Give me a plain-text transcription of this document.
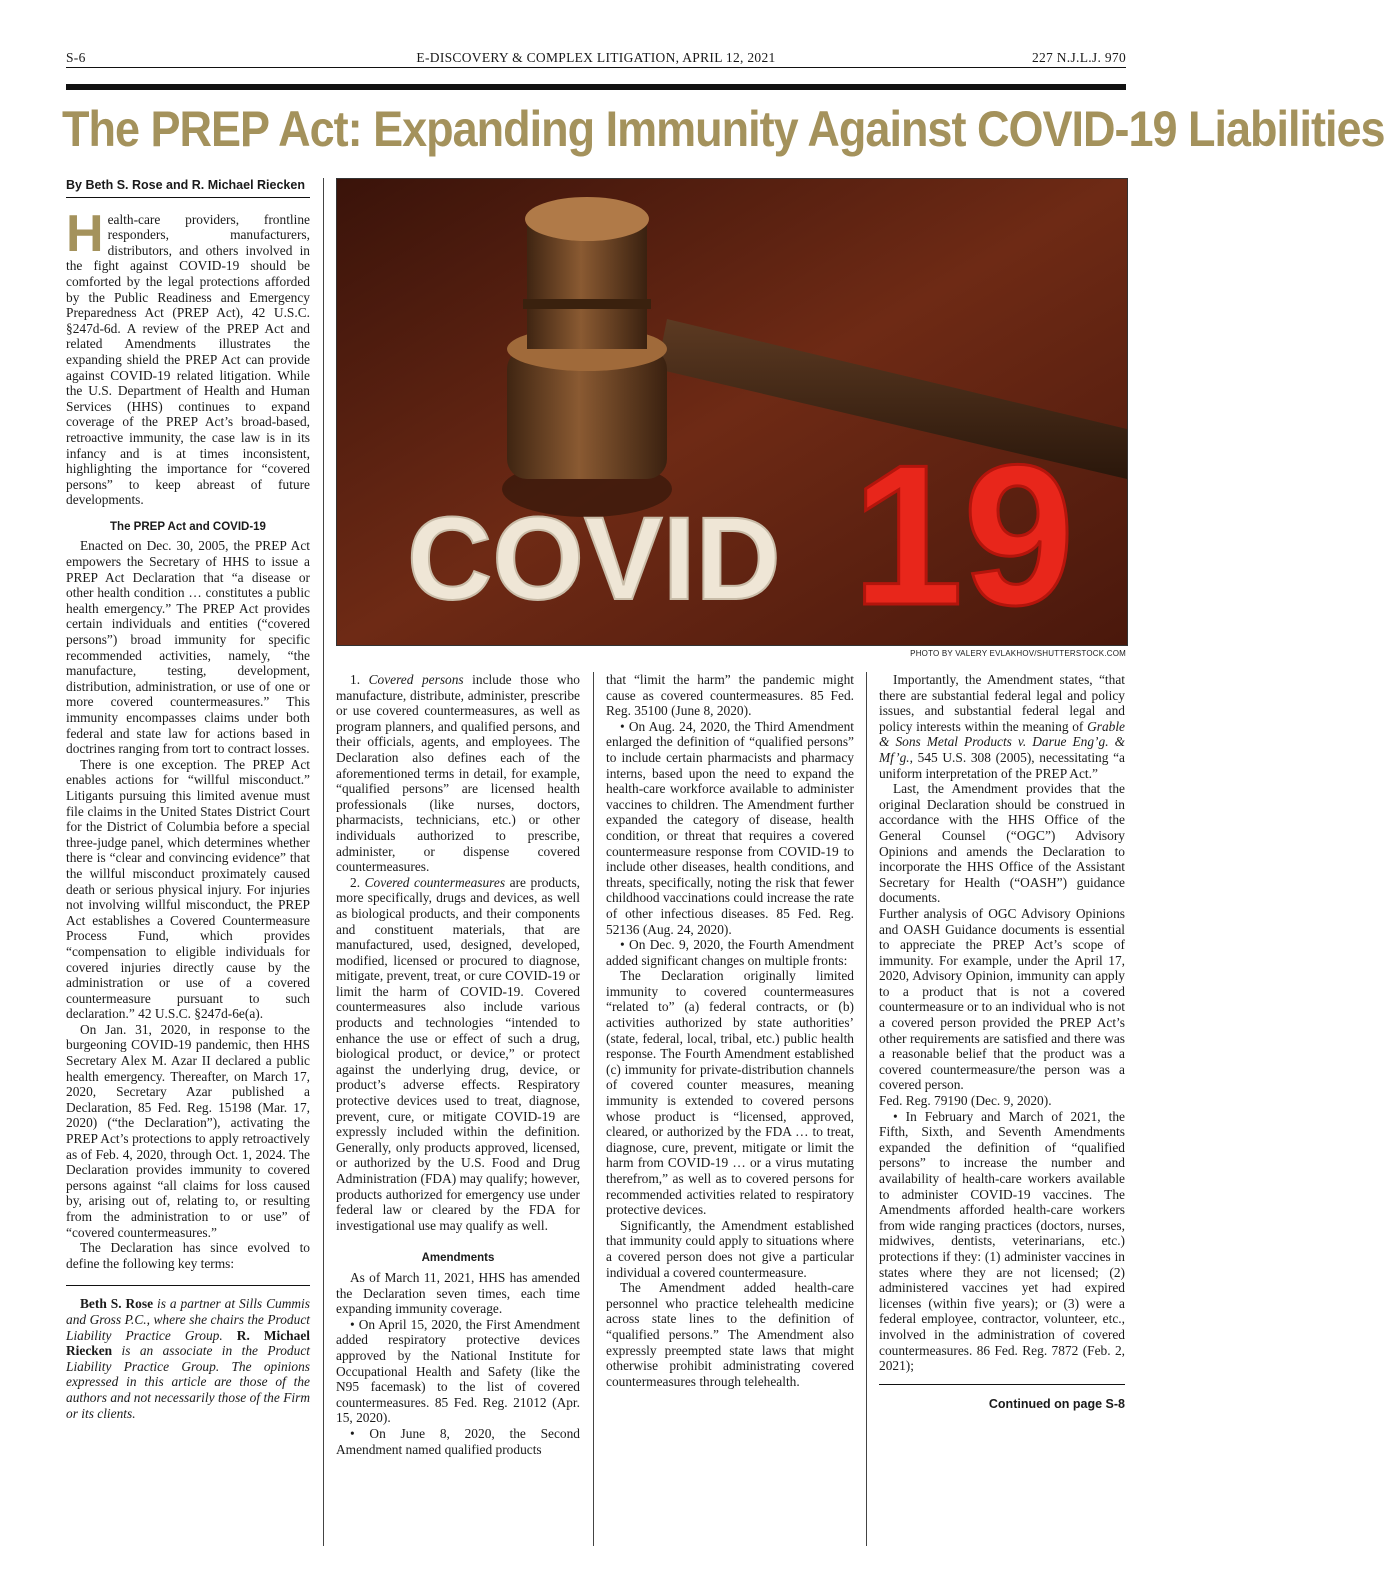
S-6	E-DISCOVERY & COMPLEX LITIGATION, APRIL 12, 2021	227 N.J.L.J. 970
The PREP Act: Expanding Immunity Against COVID-19 Liabilities
By Beth S. Rose and R. Michael Riecken

Health-care providers, frontline responders, manufacturers, distributors, and others involved in the fight against COVID-19 should be comforted by the legal protections afforded by the Public Readiness and Emergency Preparedness Act (PREP Act), 42 U.S.C. §247d-6d. A review of the PREP Act and related Amendments illustrates the expanding shield the PREP Act can provide against COVID-19 related litigation. While the U.S. Department of Health and Human Services (HHS) continues to expand coverage of the PREP Act’s broad-based, retroactive immunity, the case law is in its infancy and is at times inconsistent, highlighting the importance for “covered persons” to keep abreast of future developments.

The PREP Act and COVID-19

Enacted on Dec. 30, 2005, the PREP Act empowers the Secretary of HHS to issue a PREP Act Declaration that “a disease or other health condition … constitutes a public health emergency.” The PREP Act provides certain individuals and entities (“covered persons”) broad immunity for specific recommended activities, namely, “the manufacture, testing, development, distribution, administration, or use of one or more covered countermeasures.” This immunity encompasses claims under both federal and state law for actions based in doctrines ranging from tort to contract losses.

There is one exception. The PREP Act enables actions for “willful misconduct.” Litigants pursuing this limited avenue must file claims in the United States District Court for the District of Columbia before a special three-judge panel, which determines whether there is “clear and convincing evidence” that the willful misconduct proximately caused death or serious physical injury. For injuries not involving willful misconduct, the PREP Act establishes a Covered Countermeasure Process Fund, which provides “compensation to eligible individuals for covered injuries directly cause by the administration or use of a covered countermeasure pursuant to such declaration.” 42 U.S.C. §247d-6e(a).

On Jan. 31, 2020, in response to the burgeoning COVID-19 pandemic, then HHS Secretary Alex M. Azar II declared a public health emergency. Thereafter, on March 17, 2020, Secretary Azar published a Declaration, 85 Fed. Reg. 15198 (Mar. 17, 2020) (“the Declaration”), activating the PREP Act’s protections to apply retroactively as of Feb. 4, 2020, through Oct. 1, 2024. The Declaration provides immunity to covered persons against “all claims for loss caused by, arising out of, relating to, or resulting from the administration to or use” of “covered countermeasures.”

The Declaration has since evolved to define the following key terms:

Beth S. Rose is a partner at Sills Cummis and Gross P.C., where she chairs the Product Liability Practice Group. R. Michael Riecken is an associate in the Product Liability Practice Group. The opinions expressed in this article are those of the authors and not necessarily those of the Firm or its clients.

COVID 19
PHOTO BY VALERY EVLAKHOV/SHUTTERSTOCK.COM

1. Covered persons include those who manufacture, distribute, administer, prescribe or use covered countermeasures, as well as program planners, and qualified persons, and their officials, agents, and employees. The Declaration also defines each of the aforementioned terms in detail, for example, “qualified persons” are licensed health professionals (like nurses, doctors, pharmacists, technicians, etc.) or other individuals authorized to prescribe, administer, or dispense covered countermeasures.

2. Covered countermeasures are products, more specifically, drugs and devices, as well as biological products, and their components and constituent materials, that are manufactured, used, designed, developed, modified, licensed or procured to diagnose, mitigate, prevent, treat, or cure COVID-19 or limit the harm of COVID-19. Covered countermeasures also include various products and technologies “intended to enhance the use or effect of such a drug, biological product, or device,” or protect against the underlying drug, device, or product’s adverse effects. Respiratory protective devices used to treat, diagnose, prevent, cure, or mitigate COVID-19 are expressly included within the definition. Generally, only products approved, licensed, or authorized by the U.S. Food and Drug Administration (FDA) may qualify; however, products authorized for emergency use under federal law or cleared by the FDA for investigational use may qualify as well.

Amendments

As of March 11, 2021, HHS has amended the Declaration seven times, each time expanding immunity coverage.

• On April 15, 2020, the First Amendment added respiratory protective devices approved by the National Institute for Occupational Health and Safety (like the N95 facemask) to the list of covered countermeasures. 85 Fed. Reg. 21012 (Apr. 15, 2020).

• On June 8, 2020, the Second Amendment named qualified products

that “limit the harm” the pandemic might cause as covered countermeasures. 85 Fed. Reg. 35100 (June 8, 2020).

• On Aug. 24, 2020, the Third Amendment enlarged the definition of “qualified persons” to include certain pharmacists and pharmacy interns, based upon the need to expand the health-care workforce available to administer vaccines to children. The Amendment further expanded the category of disease, health condition, or threat that requires a covered countermeasure response from COVID-19 to include other diseases, health conditions, and threats, specifically, noting the risk that fewer childhood vaccinations could increase the rate of other infectious diseases. 85 Fed. Reg. 52136 (Aug. 24, 2020).

• On Dec. 9, 2020, the Fourth Amendment added significant changes on multiple fronts:

The Declaration originally limited immunity to covered countermeasures “related to” (a) federal contracts, or (b) activities authorized by state authorities’ (state, federal, local, tribal, etc.) public health response. The Fourth Amendment established (c) immunity for private-distribution channels of covered counter measures, meaning immunity is extended to covered persons whose product is “licensed, approved, cleared, or authorized by the FDA … to treat, diagnose, cure, prevent, mitigate or limit the harm from COVID-19 … or a virus mutating therefrom,” as well as to covered persons for recommended activities related to respiratory protective devices.

Significantly, the Amendment established that immunity could apply to situations where a covered person does not give a particular individual a covered countermeasure.

The Amendment added health-care personnel who practice telehealth medicine across state lines to the definition of “qualified persons.” The Amendment also expressly preempted state laws that might otherwise prohibit administrating covered countermeasures through telehealth.

Importantly, the Amendment states, “that there are substantial federal legal and policy issues, and substantial federal legal and policy interests within the meaning of Grable & Sons Metal Products v. Darue Eng’g. & Mf’g., 545 U.S. 308 (2005), necessitating “a uniform interpretation of the PREP Act.”

Last, the Amendment provides that the original Declaration should be construed in accordance with the HHS Office of the General Counsel (“OGC”) Advisory Opinions and amends the Declaration to incorporate the HHS Office of the Assistant Secretary for Health (“OASH”) guidance documents.

Further analysis of OGC Advisory Opinions and OASH Guidance documents is essential to appreciate the PREP Act’s scope of immunity. For example, under the April 17, 2020, Advisory Opinion, immunity can apply to a product that is not a covered countermeasure or to an individual who is not a covered person provided the PREP Act’s other requirements are satisfied and there was a reasonable belief that the product was a covered countermeasure/the person was a covered person.

Fed. Reg. 79190 (Dec. 9, 2020).

• In February and March of 2021, the Fifth, Sixth, and Seventh Amendments expanded the definition of “qualified persons” to increase the number and availability of health-care workers available to administer COVID-19 vaccines. The Amendments afforded health-care workers from wide ranging practices (doctors, nurses, midwives, dentists, veterinarians, etc.) protections if they: (1) administer vaccines in states where they are not licensed; (2) administered vaccines yet had expired licenses (within five years); or (3) were a federal employee, contractor, volunteer, etc., involved in the administration of covered countermeasures. 86 Fed. Reg. 7872 (Feb. 2, 2021);

Continued on page S-8
